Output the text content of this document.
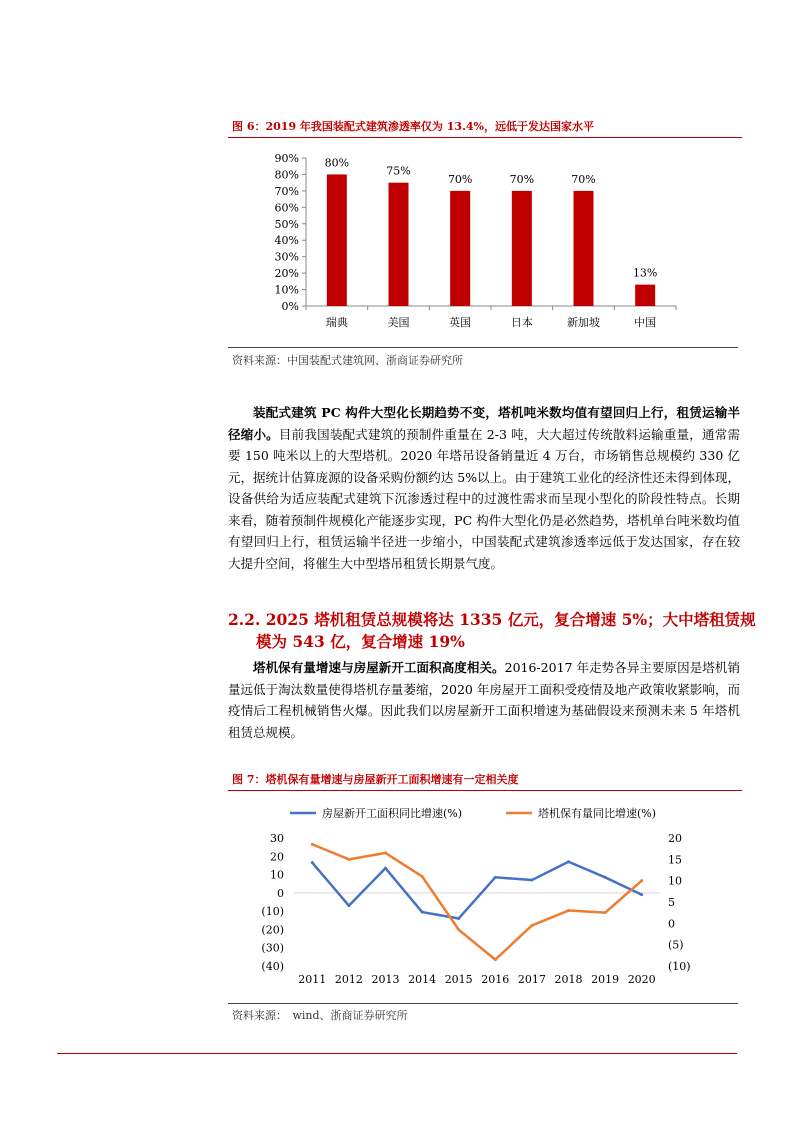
图 6：2019 年我国装配式建筑渗透率仅为 13.4%，远低于发达国家水平
0%
10%
20%
30%
40%
50%
60%
70%
80%
90% 80%
瑞典
75%
美国
70%
英国
70%
日本
70%
新加坡
13%
中国
资料来源：中国装配式建筑网、浙商证券研究所

装配式建筑 PC 构件大型化长期趋势不变，塔机吨米数均值有望回归上行，租赁运输半径缩小。目前我国装配式建筑的预制件重量在 2-3 吨，大大超过传统散料运输重量，通常需要 150 吨米以上的大型塔机。2020 年塔吊设备销量近 4 万台，市场销售总规模约 330 亿元，据统计估算庞源的设备采购份额约达 5%以上。由于建筑工业化的经济性还未得到体现，设备供给为适应装配式建筑下沉渗透过程中的过渡性需求而呈现小型化的阶段性特点。长期来看，随着预制件规模化产能逐步实现，PC 构件大型化仍是必然趋势，塔机单台吨米数均值有望回归上行，租赁运输半径进一步缩小，中国装配式建筑渗透率远低于发达国家，存在较大提升空间，将催生大中型塔吊租赁长期景气度。

2.2. 2025 塔机租赁总规模将达 1335 亿元，复合增速 5%；大中塔租赁规模为 543 亿，复合增速 19%

塔机保有量增速与房屋新开工面积高度相关。2016-2017 年走势各异主要原因是塔机销量远低于淘汰数量使得塔机存量萎缩，2020 年房屋开工面积受疫情及地产政策收紧影响，而疫情后工程机械销售火爆。因此我们以房屋新开工面积增速为基础假设来预测未来 5 年塔机租赁总规模。

图 7：塔机保有量增速与房屋新开工面积增速有一定相关度
30
20
10
0
(10)
(20)
(30)
(40)
20
15
10
5
0
(5)
(10)
2011 2012 2013 2014 2015 2016 2017 2018 2019 2020
房屋新开工面积同比增速(%)	塔机保有量同比增速(%)
资料来源：　wind、浙商证券研究所
